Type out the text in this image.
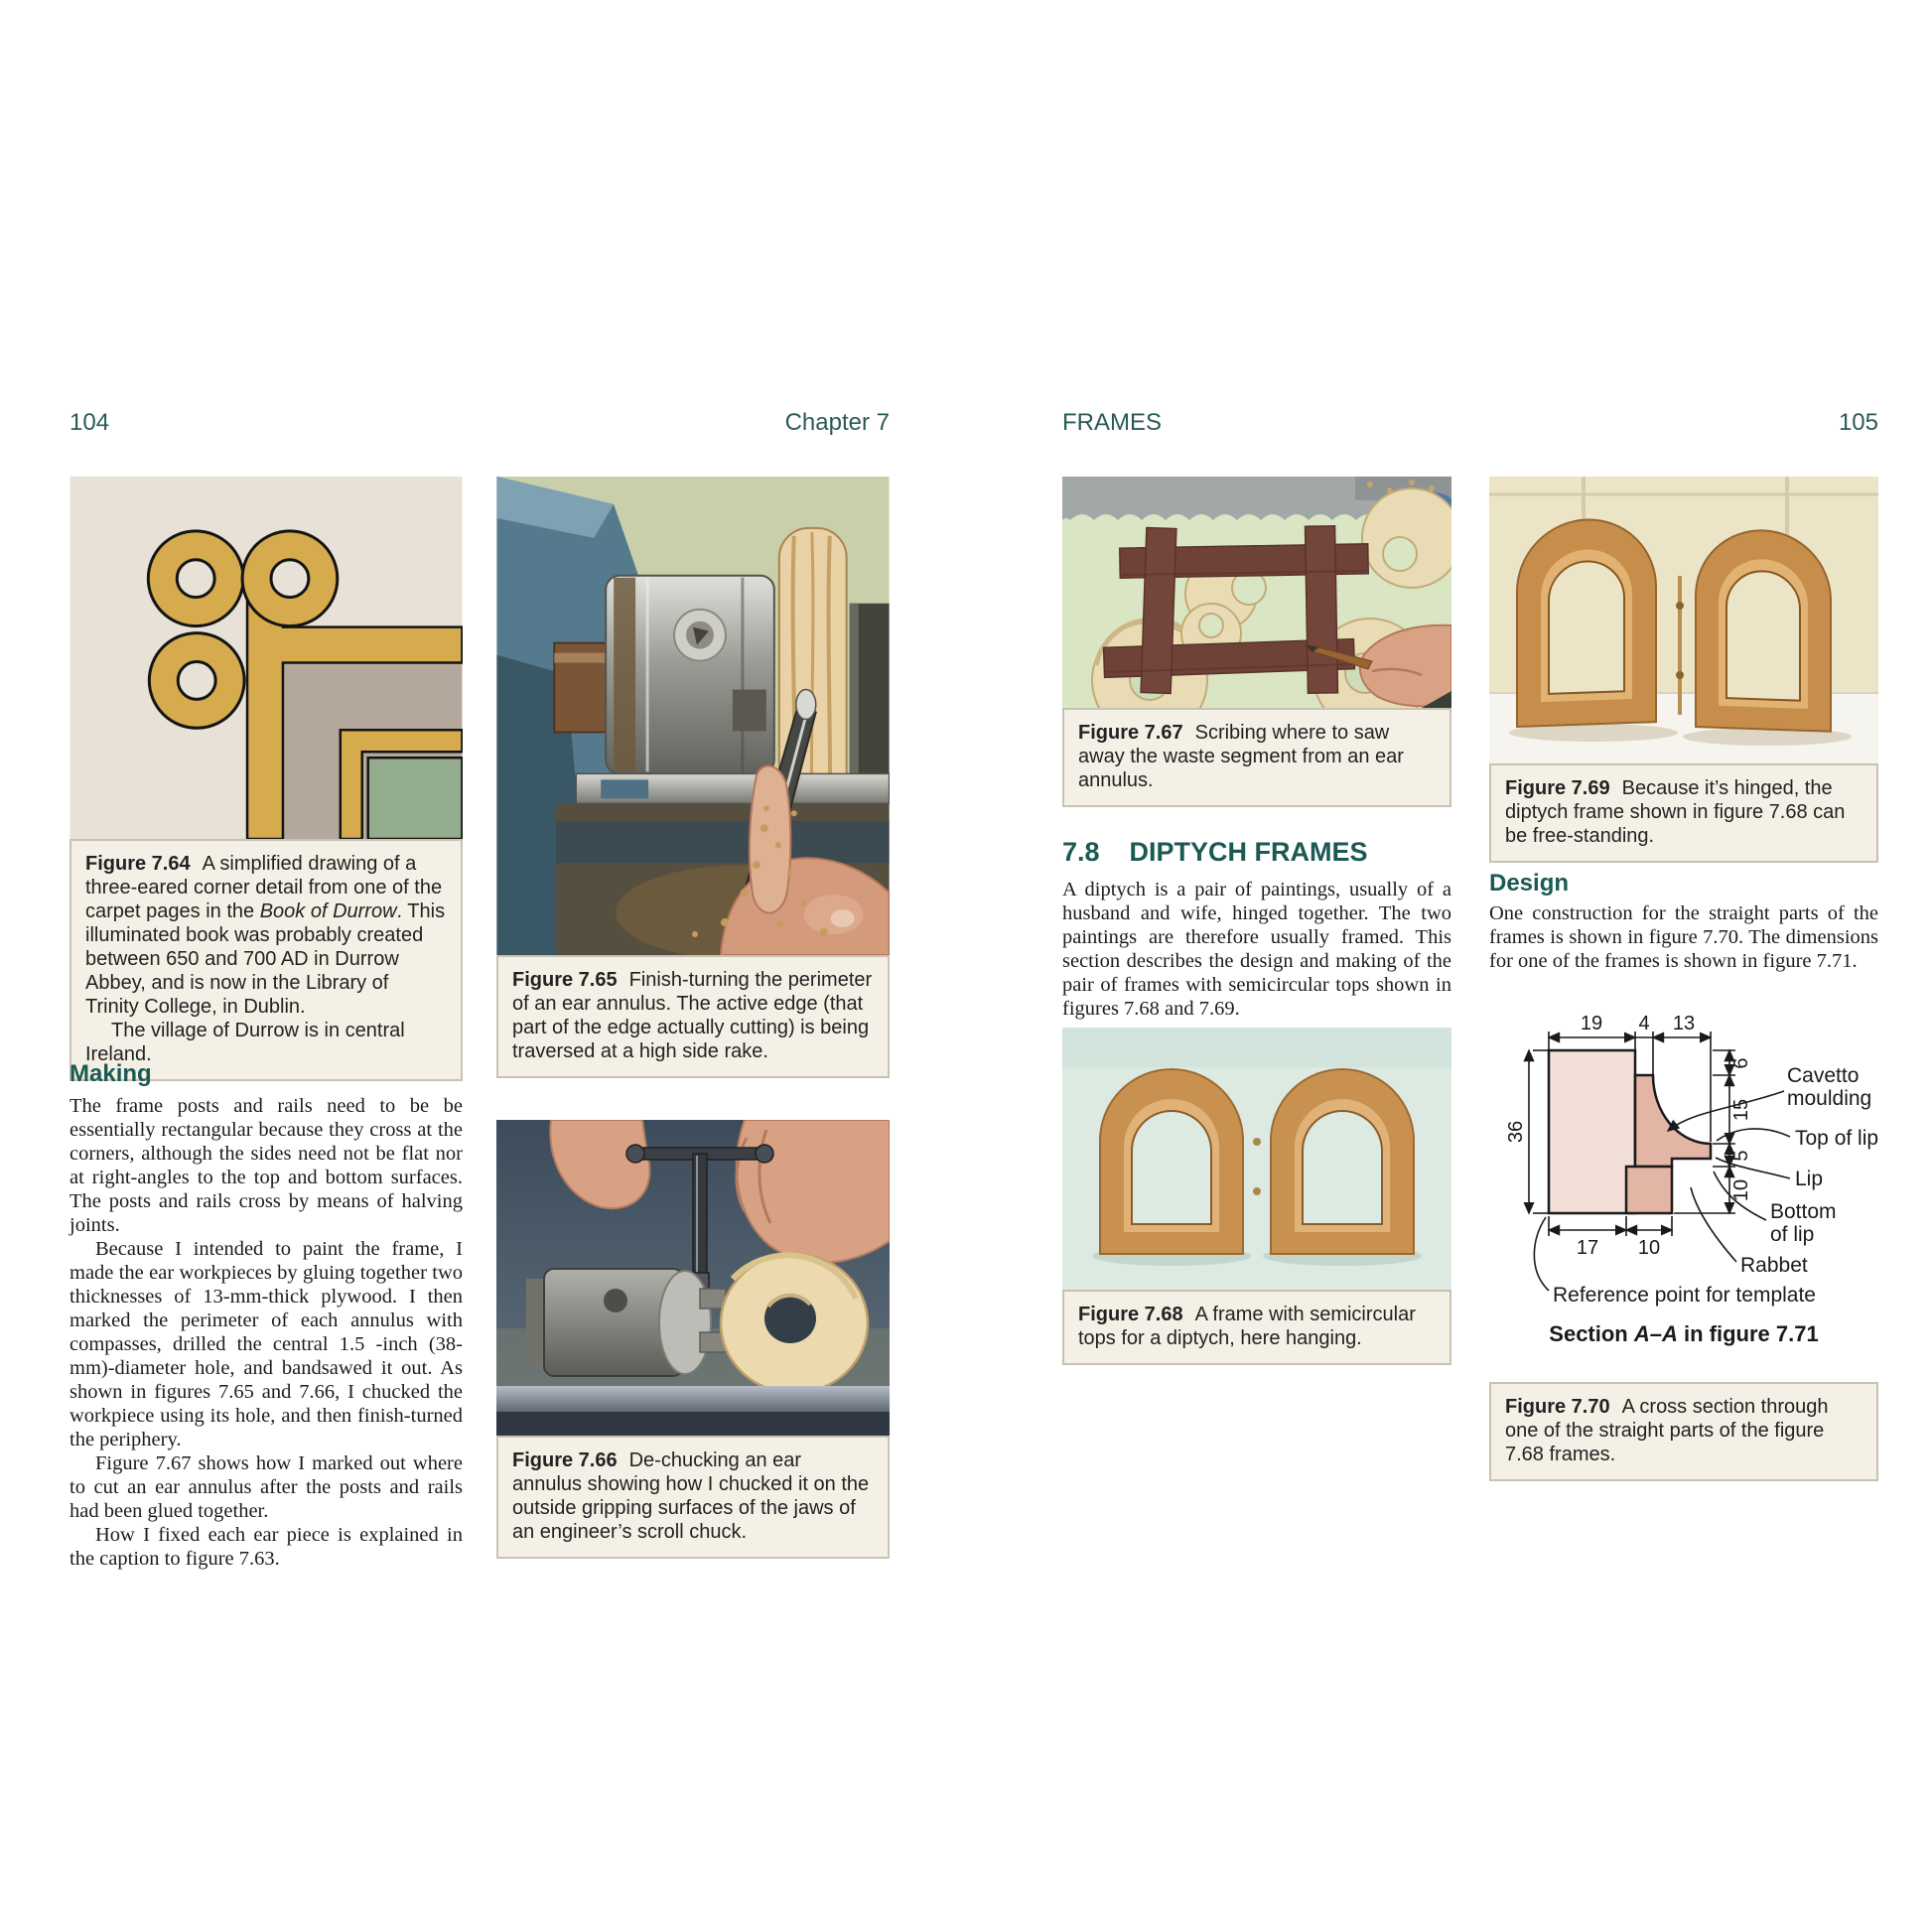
104	Chapter 7
Figure 7.64 A simplified drawing of a three-eared corner detail from one of the carpet pages in the Book of Durrow. This illuminated book was probably created between 650 and 700 AD in Durrow Abbey, and is now in the Library of Trinity College, in Dublin.
The village of Durrow is in central Ireland.
Making

The frame posts and rails need to be be essentially rectangular because they cross at the corners, although the sides need not be flat nor at right-angles to the top and bottom surfaces. The posts and rails cross by means of halving joints.

Because I intended to paint the frame, I made the ear workpieces by gluing together two thicknesses of 13-mm-thick plywood. I then marked the perimeter of each annulus with compasses, drilled the central 1.5 -inch (38-mm)-diameter hole, and bandsawed it out. As shown in figures 7.65 and 7.66, I chucked the workpiece using its hole, and then finish-turned the periphery.

Figure 7.67 shows how I marked out where to cut an ear annulus after the posts and rails had been glued together.

How I fixed each ear piece is explained in the caption to figure 7.63.

Figure 7.65 Finish-turning the perimeter of an ear annulus. The active edge (that part of the edge actually cutting) is being traversed at a high side rake.
Figure 7.66 De-chucking an ear annulus showing how I chucked it on the outside gripping surfaces of the jaws of an engineer’s scroll chuck.
FRAMES	105
Figure 7.67 Scribing where to saw away the waste segment from an ear annulus.
7.8 DIPTYCH FRAMES

A diptych is a pair of paintings, usually of a husband and wife, hinged together. The two paintings are therefore usually framed. This section describes the design and making of the pair of frames with semicircular tops shown in figures 7.68 and 7.69.

Figure 7.68 A frame with semicircular tops for a diptych, here hanging.
Figure 7.69 Because it’s hinged, the diptych frame shown in figure 7.68 can be free-standing.
Design

One construction for the straight parts of the frames is shown in figure 7.70. The dimensions for one of the frames is shown in figure 7.71.

19 4 13
36
6
15
5
10
17 10
Cavetto moulding
Top of lip
Lip
Bottom of lip
Rabbet
Reference point for template
Section A–A in figure 7.71
Figure 7.70 A cross section through one of the straight parts of the figure 7.68 frames.
